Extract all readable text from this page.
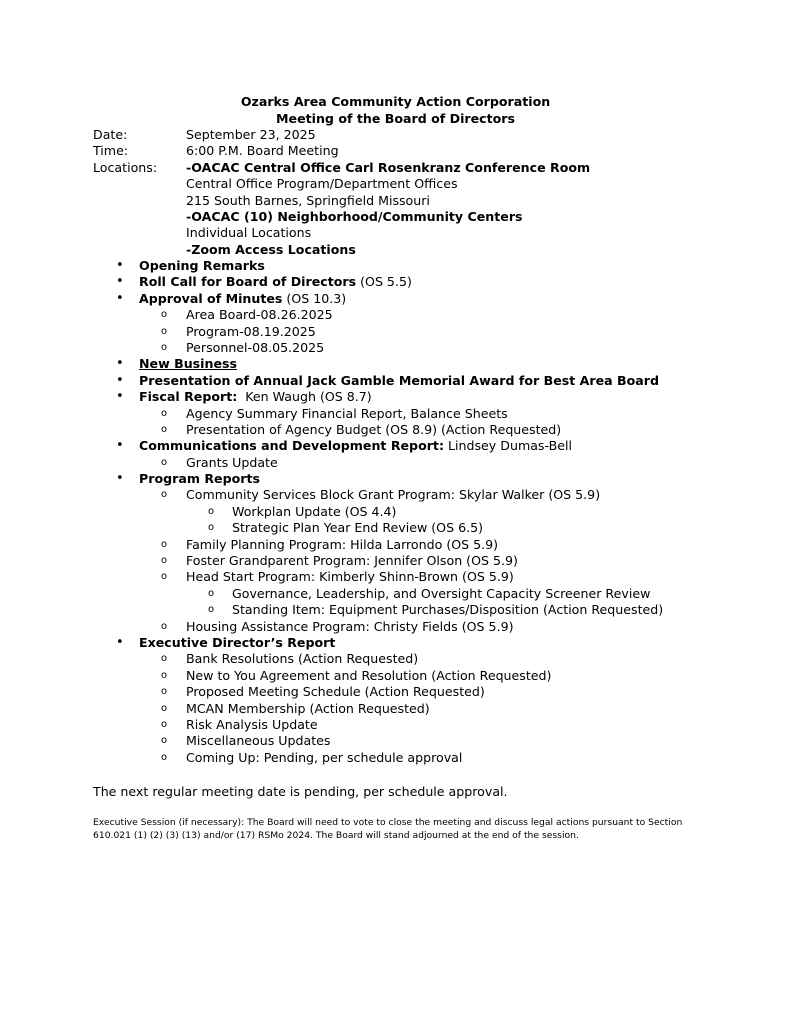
Ozarks Area Community Action Corporation
Meeting of the Board of Directors
Date:	September 23, 2025
Time:	6:00 P.M. Board Meeting
Locations: -OACAC Central Office Carl Rosenkranz Conference Room
Central Office Program/Department Offices
215 South Barnes, Springfield Missouri
-OACAC (10) Neighborhood/Community Centers
Individual Locations
-Zoom Access Locations
• Opening Remarks
• Roll Call for Board of Directors (OS 5.5)
• Approval of Minutes (OS 10.3)
o Area Board-08.26.2025
o Program-08.19.2025
o Personnel-08.05.2025
• New Business
• Presentation of Annual Jack Gamble Memorial Award for Best Area Board
• Fiscal Report:  Ken Waugh (OS 8.7)
o Agency Summary Financial Report, Balance Sheets
o Presentation of Agency Budget (OS 8.9) (Action Requested)
• Communications and Development Report: Lindsey Dumas-Bell
o Grants Update
• Program Reports
o Community Services Block Grant Program: Skylar Walker (OS 5.9)
o Workplan Update (OS 4.4)
o Strategic Plan Year End Review (OS 6.5)
o Family Planning Program: Hilda Larrondo (OS 5.9)
o Foster Grandparent Program: Jennifer Olson (OS 5.9)
o Head Start Program: Kimberly Shinn-Brown (OS 5.9)
o Governance, Leadership, and Oversight Capacity Screener Review
o Standing Item: Equipment Purchases/Disposition (Action Requested)
o Housing Assistance Program: Christy Fields (OS 5.9)
• Executive Director’s Report
o Bank Resolutions (Action Requested)
o New to You Agreement and Resolution (Action Requested)
o Proposed Meeting Schedule (Action Requested)
o MCAN Membership (Action Requested)
o Risk Analysis Update
o Miscellaneous Updates
o Coming Up: Pending, per schedule approval
The next regular meeting date is pending, per schedule approval.
Executive Session (if necessary): The Board will need to vote to close the meeting and discuss legal actions pursuant to Section 610.021 (1) (2) (3) (13) and/or (17) RSMo 2024. The Board will stand adjourned at the end of the session.
